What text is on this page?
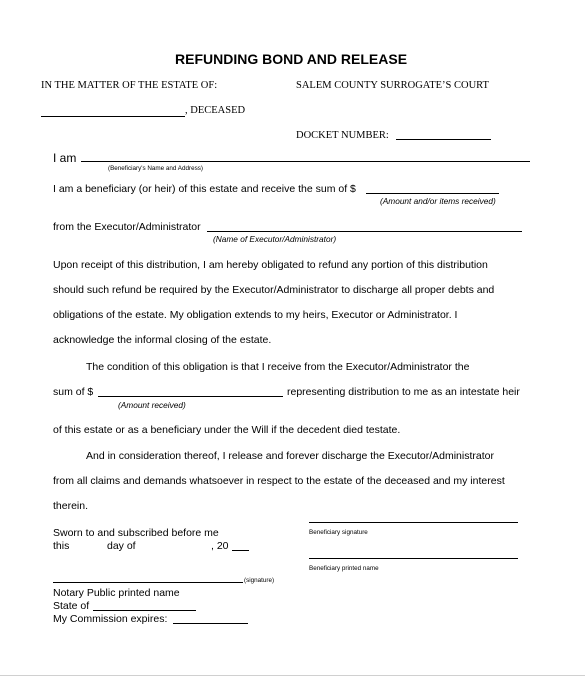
REFUNDING BOND AND RELEASE
IN THE MATTER OF THE ESTATE OF:	SALEM COUNTY SURROGATE’S COURT
, DECEASED
DOCKET NUMBER:
I am
(Beneficiary's Name and Address)
I am a beneficiary (or heir) of this estate and receive the sum of $
(Amount and/or items received)
from the Executor/Administrator
(Name of Executor/Administrator)
Upon receipt of this distribution, I am hereby obligated to refund any portion of this distribution
should such refund be required by the Executor/Administrator to discharge all proper debts and
obligations of the estate. My obligation extends to my heirs, Executor or Administrator. I
acknowledge the informal closing of the estate.
The condition of this obligation is that I receive from the Executor/Administrator the
sum of $	representing distribution to me as an intestate heir
(Amount received)
of this estate or as a beneficiary under the Will if the decedent died testate.
And in consideration thereof, I release and forever discharge the Executor/Administrator
from all claims and demands whatsoever in respect to the estate of the deceased and my interest
therein.
Beneficiary signature
Sworn to and subscribed before me
this	day of	, 20
Beneficiary printed name
(signature)
Notary Public printed name
State of
My Commission expires:
